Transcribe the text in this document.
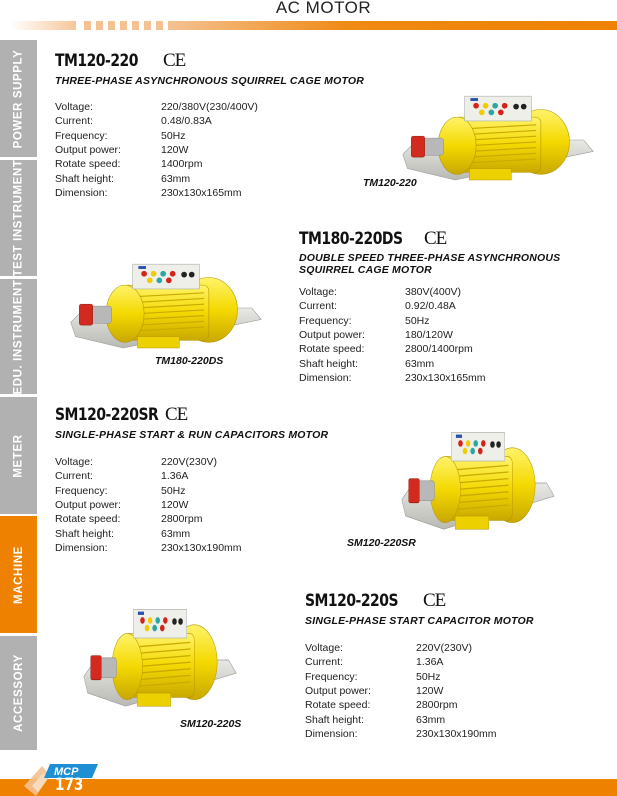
AC MOTOR
POWER SUPPLY
TEST INSTRUMENT
EDU. INSTRUMENT
METER
MACHINE
ACCESSORY
TM120-220 CE
THREE-PHASE ASYNCHRONOUS SQUIRREL CAGE MOTOR
Voltage:	220/380V(230/400V)
Current:	0.48/0.83A
Frequency:	50Hz
Output power:	120W
Rotate speed:	1400rpm
Shaft height:	63mm
Dimension:	230x130x165mm
TM120-220
TM180-220DS CE
DOUBLE SPEED THREE-PHASE ASYNCHRONOUS
SQUIRREL CAGE MOTOR
Voltage:	380V(400V)
Current:	0.92/0.48A
Frequency:	50Hz
Output power:	180/120W
Rotate speed:	2800/1400rpm
Shaft height:	63mm
Dimension:	230x130x165mm
TM180-220DS
SM120-220SR CE
SINGLE-PHASE START & RUN CAPACITORS MOTOR
Voltage:	220V(230V)
Current:	1.36A
Frequency:	50Hz
Output power:	120W
Rotate speed:	2800rpm
Shaft height:	63mm
Dimension:	230x130x190mm	SM120-220SR
SM120-220S CE
SINGLE-PHASE START CAPACITOR MOTOR
Voltage:	220V(230V)
Current:	1.36A
Frequency:	50Hz
Output power:	120W
Rotate speed:	2800rpm
Shaft height:	63mm
Dimension:	230x130x190mm
SM120-220S
MCP
173
